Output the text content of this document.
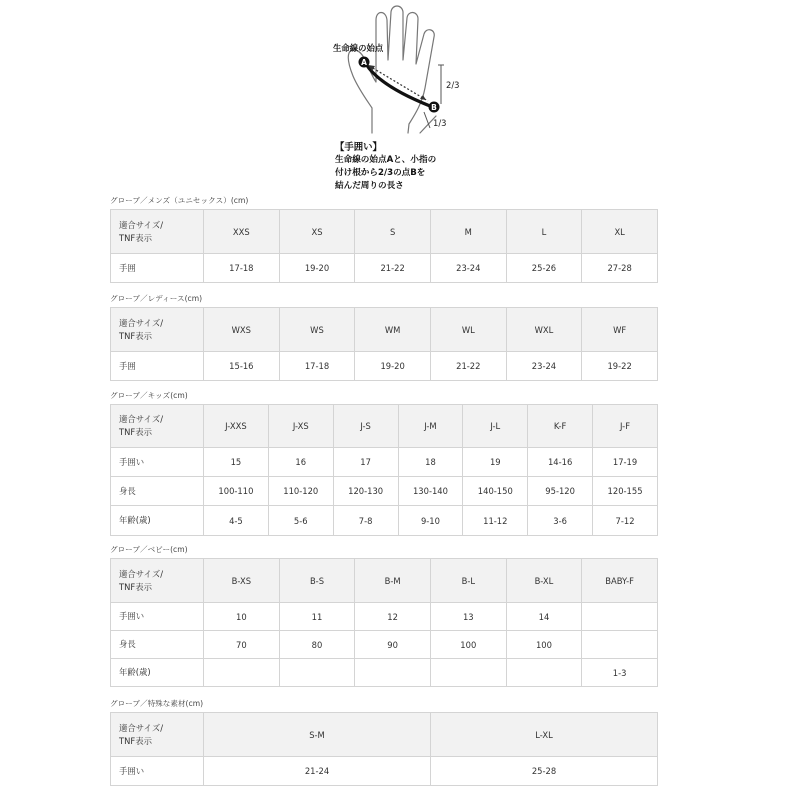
A
B
生命線の始点
2/3
1/3
【手囲い】
生命線の始点Aと、小指の
付け根から2/3の点Bを
結んだ周りの長さ
グローブ／メンズ（ユニセックス）(cm)
適合サイズ/
TNF表示	XXS	XS	S	M	L	XL
手囲	17-18	19-20	21-22	23-24	25-26	27-28
グローブ／レディース(cm)
適合サイズ/
TNF表示	WXS	WS	WM	WL	WXL	WF
手囲	15-16	17-18	19-20	21-22	23-24	19-22
グローブ／キッズ(cm)
適合サイズ/
TNF表示	J-XXS	J-XS	J-S	J-M	J-L	K-F	J-F
手囲い	15	16	17	18	19	14-16	17-19
身長	100-110	110-120	120-130	130-140	140-150	95-120	120-155
年齢(歳)	4-5	5-6	7-8	9-10	11-12	3-6	7-12
グローブ／ベビー(cm)
適合サイズ/
TNF表示	B-XS	B-S	B-M	B-L	B-XL	BABY-F
手囲い	10	11	12	13	14	
身長	70	80	90	100	100	
年齢(歳)						1-3
グローブ／特殊な素材(cm)
適合サイズ/
TNF表示	S-M	L-XL
手囲い	21-24	25-28
